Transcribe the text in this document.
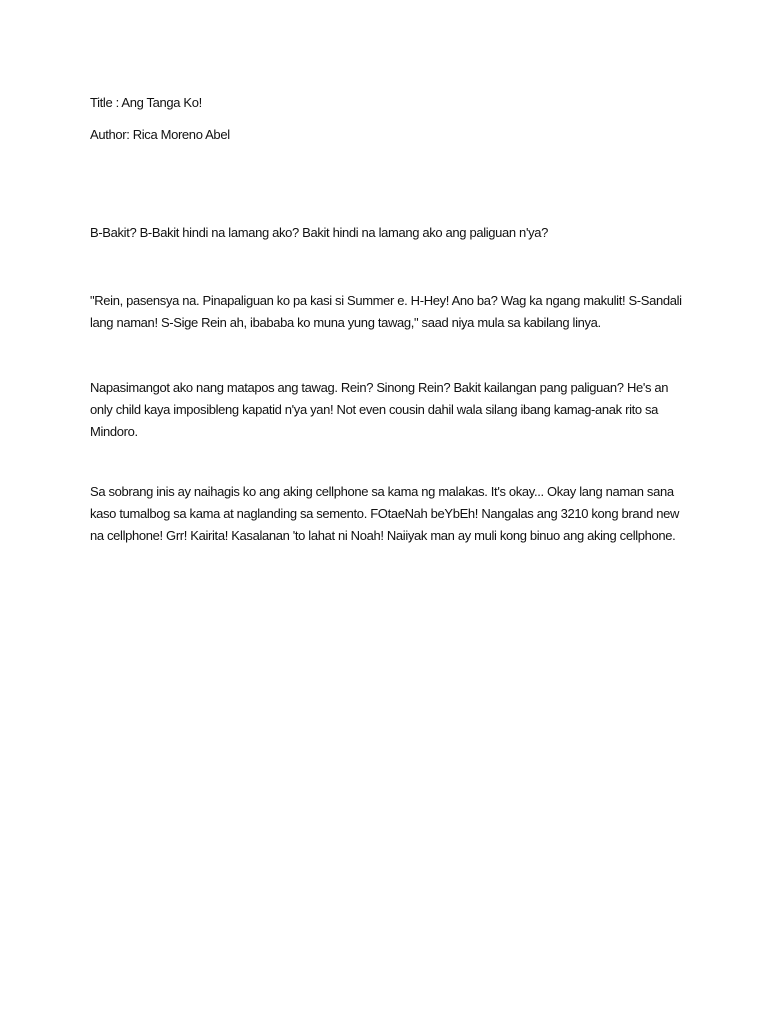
Title : Ang Tanga Ko!

Author: Rica Moreno Abel

B-Bakit? B-Bakit hindi na lamang ako? Bakit hindi na lamang ako ang paliguan n'ya?

"Rein, pasensya na. Pinapaliguan ko pa kasi si Summer e. H-Hey! Ano ba? Wag ka ngang makulit! S-Sandali lang naman! S-Sige Rein ah, ibababa ko muna yung tawag," saad niya mula sa kabilang linya.

Napasimangot ako nang matapos ang tawag. Rein? Sinong Rein? Bakit kailangan pang paliguan? He's an only child kaya imposibleng kapatid n'ya yan! Not even cousin dahil wala silang ibang kamag-anak rito sa Mindoro.

Sa sobrang inis ay naihagis ko ang aking cellphone sa kama ng malakas. It's okay... Okay lang naman sana kaso tumalbog sa kama at naglanding sa semento. FOtaeNah beYbEh! Nangalas ang 3210 kong brand new na cellphone! Grr! Kairita! Kasalanan 'to lahat ni Noah! Naiiyak man ay muli kong binuo ang aking cellphone.
